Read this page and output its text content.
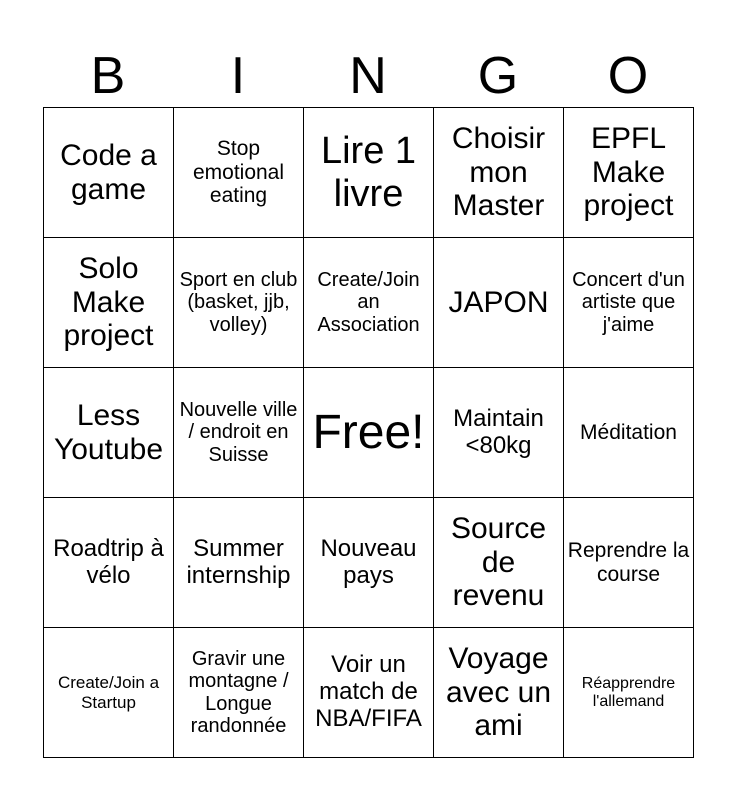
B	I	N	G	O
Code a game	Stop emotional eating	Lire 1 livre	Choisir mon Master	EPFL Make project
Solo Make project	Sport en club (basket, jjb, volley)	Create/Join an Association	JAPON	Concert d'un artiste que j'aime
Less Youtube	Nouvelle ville / endroit en Suisse	Free!	Maintain <80kg	Méditation
Roadtrip à vélo	Summer internship	Nouveau pays	Source de revenu	Reprendre la course
Create/Join a Startup	Gravir une montagne / Longue randonnée	Voir un match de NBA/FIFA	Voyage avec un ami	Réapprendre l'allemand
